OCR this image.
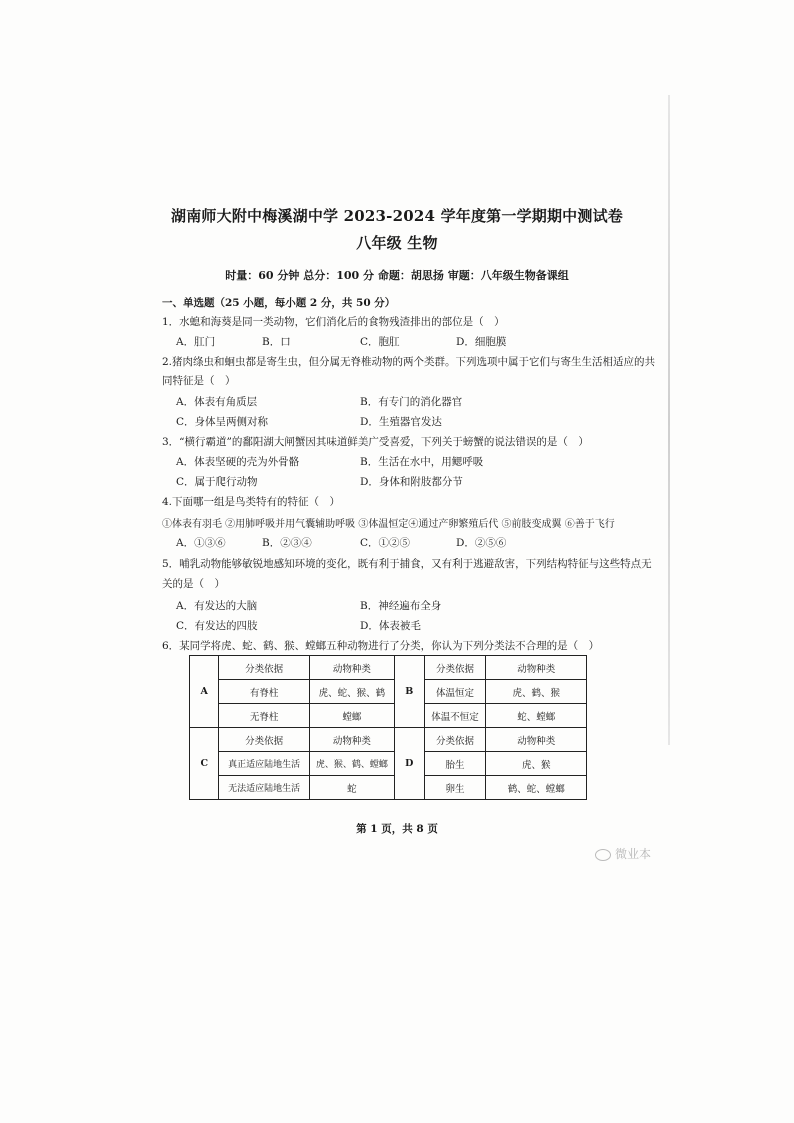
湖南师大附中梅溪湖中学 2023-2024 学年度第一学期期中测试卷
八年级 生物
时量：60 分钟 总分：100 分 命题：胡思扬 审题：八年级生物备课组
一、单选题（25 小题，每小题 2 分，共 50 分）
1．水螅和海葵是同一类动物，它们消化后的食物残渣排出的部位是（　）
A．肛门	B．口	C．胞肛	D．细胞膜
2.猪肉绦虫和蛔虫都是寄生虫，但分属无脊椎动物的两个类群。下列选项中属于它们与寄生生活相适应的共
同特征是（　）
A．体表有角质层	B．有专门的消化器官
C．身体呈两侧对称	D．生殖器官发达
3．“横行霸道”的鄱阳湖大闸蟹因其味道鲜美广受喜爱，下列关于螃蟹的说法错误的是（　）
A．体表坚硬的壳为外骨骼	B．生活在水中，用鳃呼吸
C．属于爬行动物	D．身体和附肢都分节
4.下面哪一组是鸟类特有的特征（　）
①体表有羽毛 ②用肺呼吸并用气囊辅助呼吸 ③体温恒定④通过产卵繁殖后代 ⑤前肢变成翼 ⑥善于飞行
A．①③⑥	B．②③④	C．①②⑤	D．②⑤⑥
5．哺乳动物能够敏锐地感知环境的变化，既有利于捕食，又有利于逃避敌害，下列结构特征与这些特点无
关的是（　）
A．有发达的大脑	B．神经遍布全身
C．有发达的四肢	D．体表被毛
6．某同学将虎、蛇、鹤、猴、螳螂五种动物进行了分类，你认为下列分类法不合理的是（　）
A	分类依据	动物种类	B	分类依据	动物种类
	有脊柱	虎、蛇、猴、鹤		体温恒定	虎、鹤、猴
	无脊柱	螳螂		体温不恒定	蛇、螳螂
C	分类依据	动物种类	D	分类依据	动物种类
	真正适应陆地生活	虎、猴、鹤、螳螂		胎生	虎、猴
	无法适应陆地生活	蛇		卵生	鹤、蛇、螳螂
第 1 页，共 8 页
微业本
